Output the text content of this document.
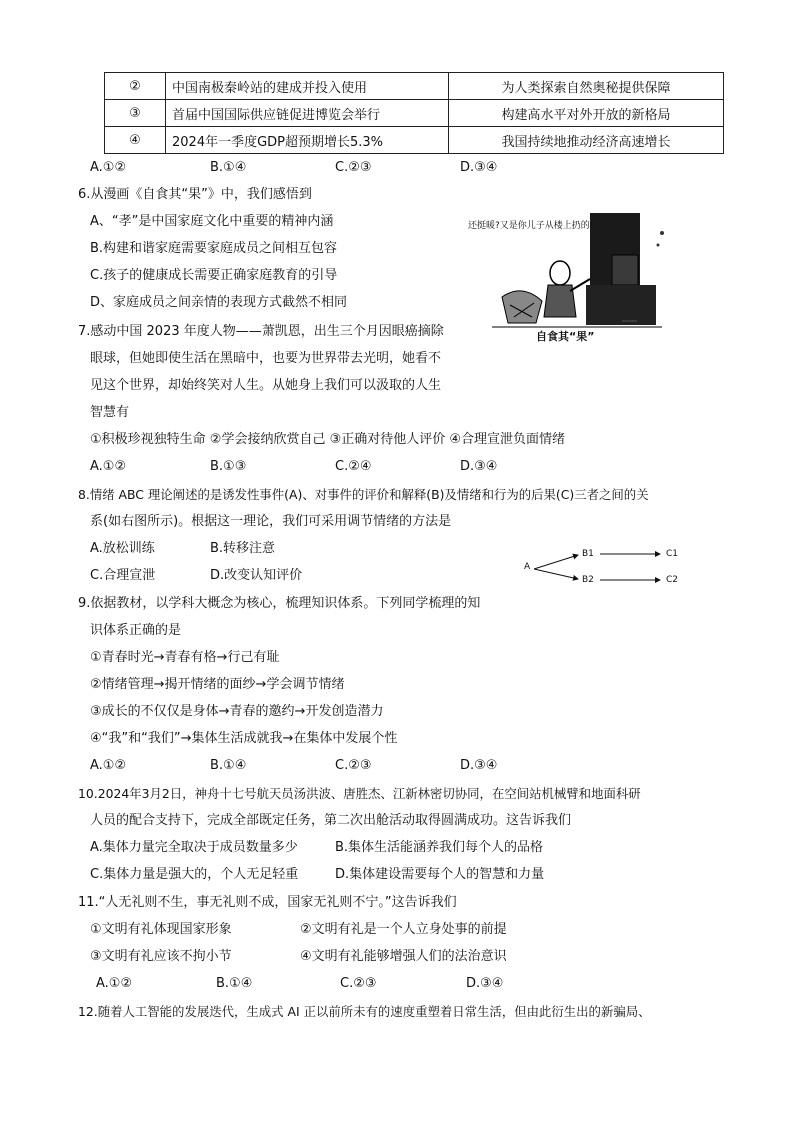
②	中国南极秦岭站的建成并投入使用	为人类探索自然奥秘提供保障
③	首届中国国际供应链促进博览会举行	构建高水平对外开放的新格局
④	2024年一季度GDP超预期增长5.3%	我国持续地推动经济高速增长
A.①②	B.①④	C.②③	D.③④
6.从漫画《自食其“果”》中，我们感悟到
A、“孝”是中国家庭文化中重要的精神内涵
B.构建和谐家庭需要家庭成员之间相互包容
C.孩子的健康成长需要正确家庭教育的引导
D、家庭成员之间亲情的表现方式截然不相同
还挺暖?又是你儿子从楼上扔的!
自食其“果”
7.感动中国 2023 年度人物——萧凯恩，出生三个月因眼癌摘除
眼球，但她即使生活在黑暗中，也要为世界带去光明，她看不
见这个世界，却始终笑对人生。从她身上我们可以汲取的人生
智慧有
①积极珍视独特生命 ②学会接纳欣赏自己 ③正确对待他人评价 ④合理宣泄负面情绪
A.①②	B.①③	C.②④	D.③④
8.情绪 ABC 理论阐述的是诱发性事件(A)、对事件的评价和解释(B)及情绪和行为的后果(C)三者之间的关
系(如右图所示)。根据这一理论，我们可采用调节情绪的方法是
A.放松训练	B.转移注意
C.合理宣泄	D.改变认知评价
A
B1
B2
C1
C2
9.依据教材，以学科大概念为核心，梳理知识体系。下列同学梳理的知
识体系正确的是
①青春时光→青春有格→行己有耻
②情绪管理→揭开情绪的面纱→学会调节情绪
③成长的不仅仅是身体→青春的邀约→开发创造潜力
④“我”和“我们”→集体生活成就我→在集体中发展个性
A.①②	B.①④	C.②③	D.③④
10.2024年3月2日，神舟十七号航天员汤洪波、唐胜杰、江新林密切协同，在空间站机械臂和地面科研
人员的配合支持下，完成全部既定任务，第二次出舱活动取得圆满成功。这告诉我们
A.集体力量完全取决于成员数量多少	B.集体生活能涵养我们每个人的品格
C.集体力量是强大的，个人无足轻重	D.集体建设需要每个人的智慧和力量
11.“人无礼则不生，事无礼则不成，国家无礼则不宁。”这告诉我们
①文明有礼体现国家形象	②文明有礼是一个人立身处事的前提
③文明有礼应该不拘小节	④文明有礼能够增强人们的法治意识
A.①②	B.①④	C.②③	D.③④
12.随着人工智能的发展迭代，生成式 AI 正以前所未有的速度重塑着日常生活，但由此衍生出的新骗局、
